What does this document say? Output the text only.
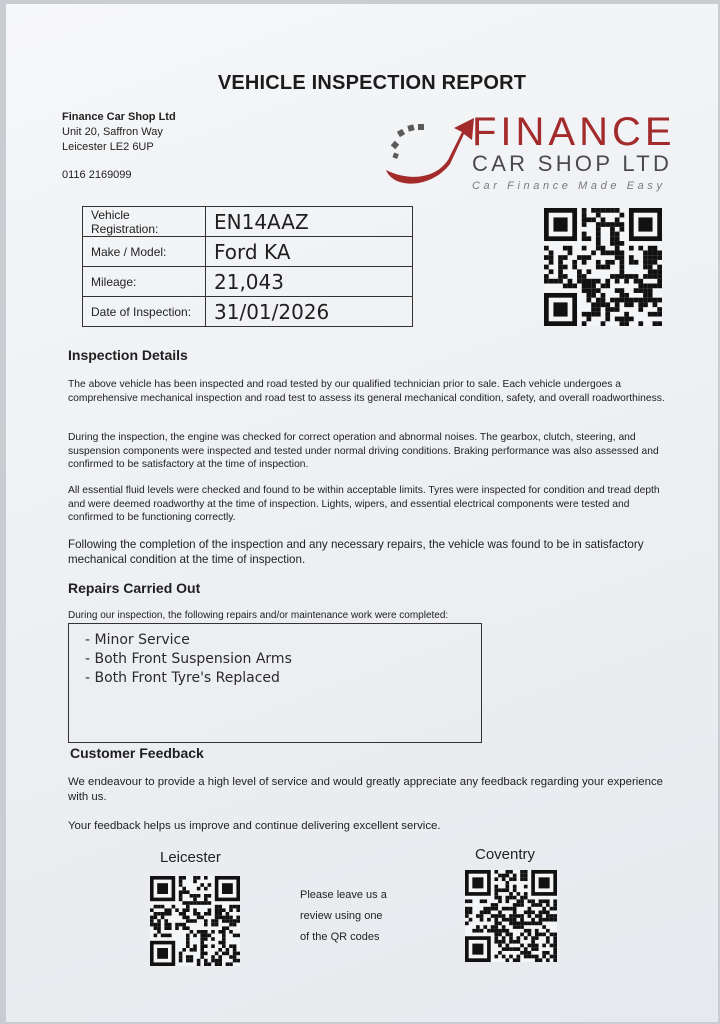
VEHICLE INSPECTION REPORT
Finance Car Shop Ltd
Unit 20, Saffron Way
Leicester LE2 6UP
0116 2169099
FINANCE
CAR SHOP LTD
Car Finance Made Easy
Vehicle Registration:	EN14AAZ
Make / Model:	Ford KA
Mileage:	21,043
Date of Inspection:	31/01/2026
Inspection Details

The above vehicle has been inspected and road tested by our qualified technician prior to sale. Each vehicle undergoes a comprehensive mechanical inspection and road test to assess its general mechanical condition, safety, and overall roadworthiness.

During the inspection, the engine was checked for correct operation and abnormal noises. The gearbox, clutch, steering, and suspension components were inspected and tested under normal driving conditions. Braking performance was also assessed and confirmed to be satisfactory at the time of inspection.

All essential fluid levels were checked and found to be within acceptable limits. Tyres were inspected for condition and tread depth and were deemed roadworthy at the time of inspection. Lights, wipers, and essential electrical components were tested and confirmed to be functioning correctly.

Following the completion of the inspection and any necessary repairs, the vehicle was found to be in satisfactory mechanical condition at the time of inspection.

Repairs Carried Out
During our inspection, the following repairs and/or maintenance work were completed:
- Minor Service
- Both Front Suspension Arms
- Both Front Tyre's Replaced
Customer Feedback
We endeavour to provide a high level of service and would greatly appreciate any feedback regarding your experience with us.
Your feedback helps us improve and continue delivering excellent service.
Leicester	Coventry
Please leave us a
review using one
of the QR codes
